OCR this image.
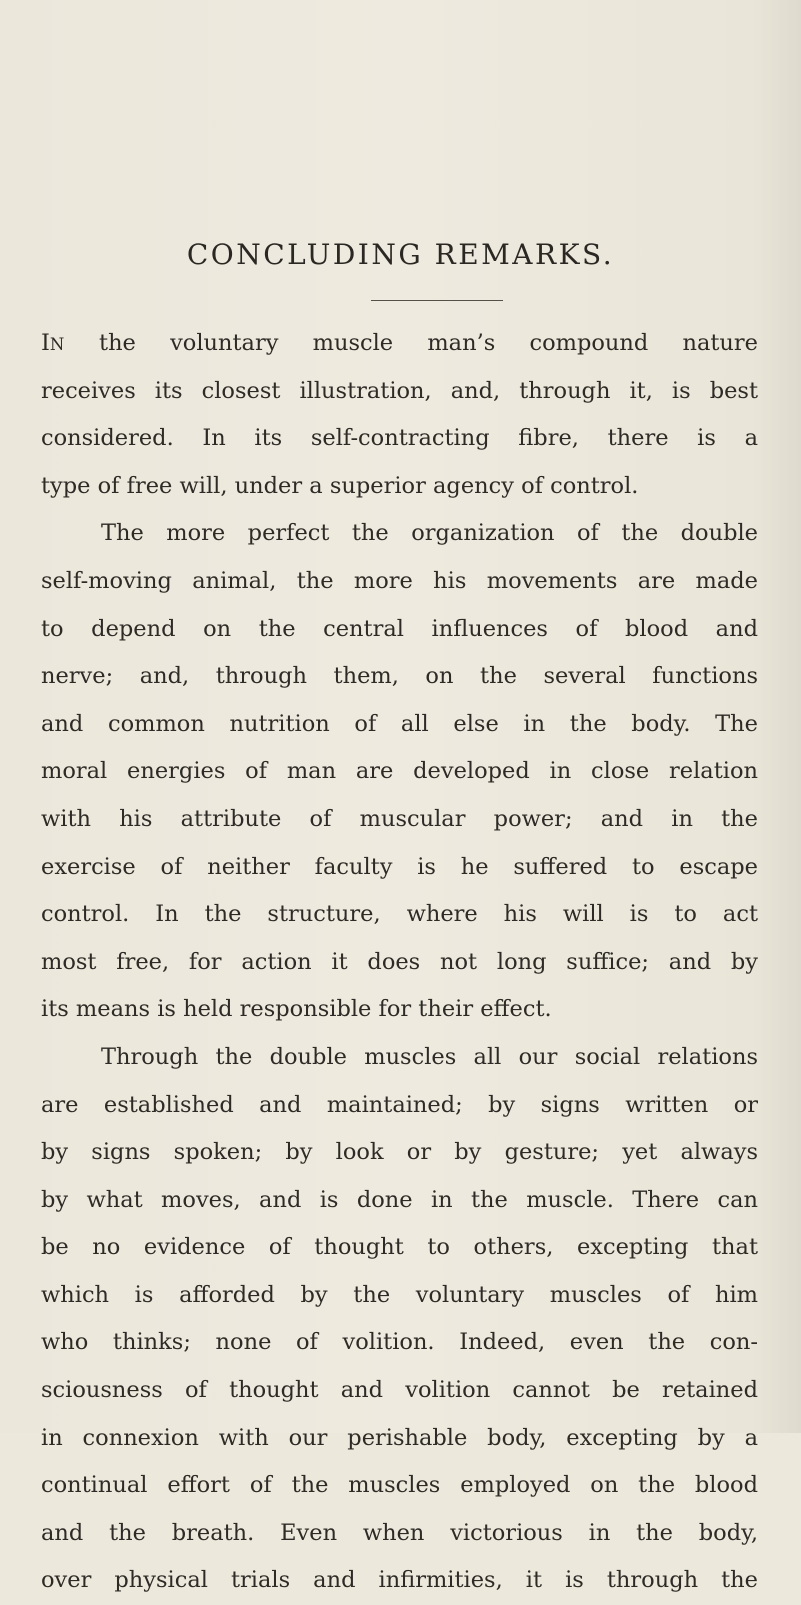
CONCLUDING REMARKS.
IN the voluntary muscle man’s compound nature
receives its closest illustration, and, through it, is best
considered. In its self-contracting fibre, there is a
type of free will, under a superior agency of control.
The more perfect the organization of the double
self-moving animal, the more his movements are made
to depend on the central influences of blood and
nerve; and, through them, on the several functions
and common nutrition of all else in the body. The
moral energies of man are developed in close relation
with his attribute of muscular power; and in the
exercise of neither faculty is he suffered to escape
control. In the structure, where his will is to act
most free, for action it does not long suffice; and by
its means is held responsible for their effect.
Through the double muscles all our social relations
are established and maintained; by signs written or
by signs spoken; by look or by gesture; yet always
by what moves, and is done in the muscle. There can
be no evidence of thought to others, excepting that
which is afforded by the voluntary muscles of him
who thinks; none of volition. Indeed, even the con-
sciousness of thought and volition cannot be retained
in connexion with our perishable body, excepting by a
continual effort of the muscles employed on the blood
and the breath. Even when victorious in the body,
over physical trials and infirmities, it is through the
